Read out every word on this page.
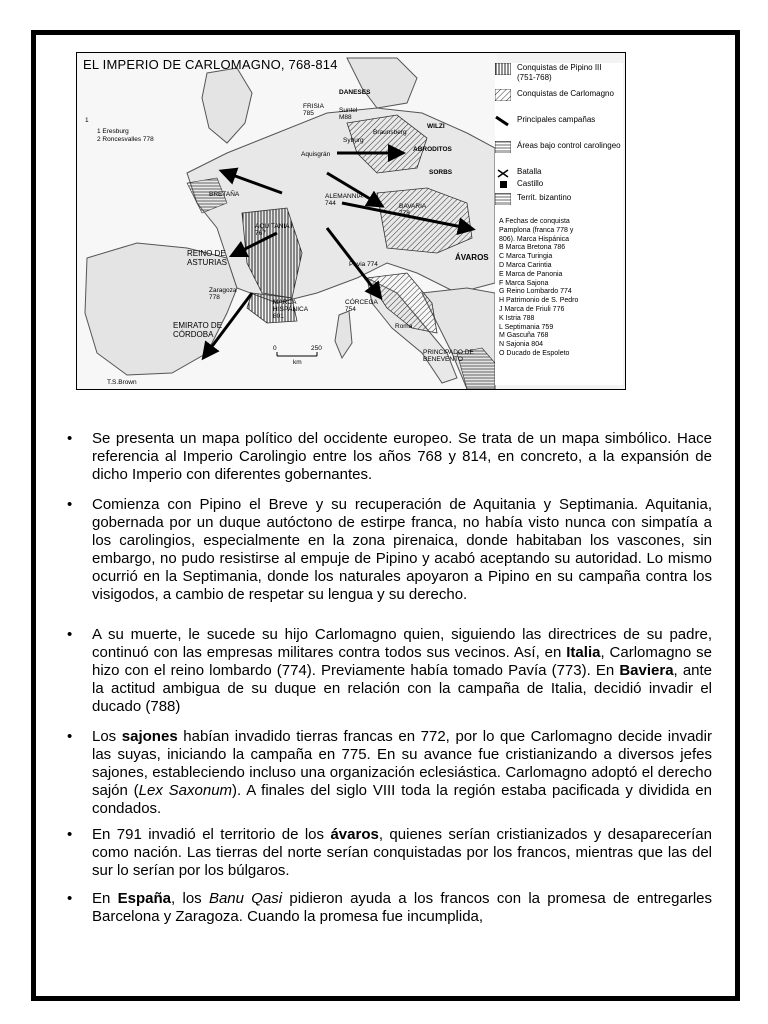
EL IMPERIO DE CARLOMAGNO, 768-814
1
1 Eresburg
2 Roncesvalles 778
FRISIA
785
DANESES
Suntel
M88
Braunsberg
WILZI
Syburg
ABRODITOS
Aquisgrán
SORBS
BRETAÑA	ALEMANNIA
744	BAVARIA
778
AQUITANIA I
767
REINO DE
ASTURIAS
Zaragoza
778
Pavia 774
ÁVAROS
MARCA
HISPÁNICA
801
CÓRCEGA
754
Roma
EMIRATO DE
CÓRDOBA
PRINCIPADO DE
BENEVENTO
0	250
km
T.S.Brown
Conquistas de Pipino III (751-768)
Conquistas de Carlomagno
Principales campañas
Áreas bajo control carolingeo
Batalla
Castillo
Territ. bizantino
A Fechas de conquista
Pamplona (franca 778 y
806). Marca Hispánica
B Marca Bretona 786
C Marca Turingia
D Marca Carintia
E Marca de Panonia
F Marca Sajona
G Reino Lombardo 774
H Patrimonio de S. Pedro
J Marca de Friuli 776
K Istria 788
L Septimania 759
M Gascuña 768
N Sajonia 804
O Ducado de Espoleto
• Se presenta un mapa político del occidente europeo. Se trata de un mapa simbólico. Hace referencia al Imperio Carolingio entre los años 768 y 814, en concreto, a la expansión de dicho Imperio con diferentes gobernantes.
• Comienza con Pipino el Breve y su recuperación de Aquitania y Septimania. Aquitania, gobernada por un duque autóctono de estirpe franca, no había visto nunca con simpatía a los carolingios, especialmente en la zona pirenaica, donde habitaban los vascones, sin embargo, no pudo resistirse al empuje de Pipino y acabó aceptando su autoridad. Lo mismo ocurrió en la Septimania, donde los naturales apoyaron a Pipino en su campaña contra los visigodos, a cambio de respetar su lengua y su derecho.
• A su muerte, le sucede su hijo Carlomagno quien, siguiendo las directrices de su padre, continuó con las empresas militares contra todos sus vecinos. Así, en Italia, Carlomagno se hizo con el reino lombardo (774). Previamente había tomado Pavía (773). En Baviera, ante la actitud ambigua de su duque en relación con la campaña de Italia, decidió invadir el ducado (788)
• Los sajones habían invadido tierras francas en 772, por lo que Carlomagno decide invadir las suyas, iniciando la campaña en 775. En su avance fue cristianizando a diversos jefes sajones, estableciendo incluso una organización eclesiástica. Carlomagno adoptó el derecho sajón (Lex Saxonum). A finales del siglo VIII toda la región estaba pacificada y dividida en condados.
• En 791 invadió el territorio de los ávaros, quienes serían cristianizados y desaparecerían como nación. Las tierras del norte serían conquistadas por los francos, mientras que las del sur lo serían por los búlgaros.
• En España, los Banu Qasi pidieron ayuda a los francos con la promesa de entregarles Barcelona y Zaragoza. Cuando la promesa fue incumplida,
